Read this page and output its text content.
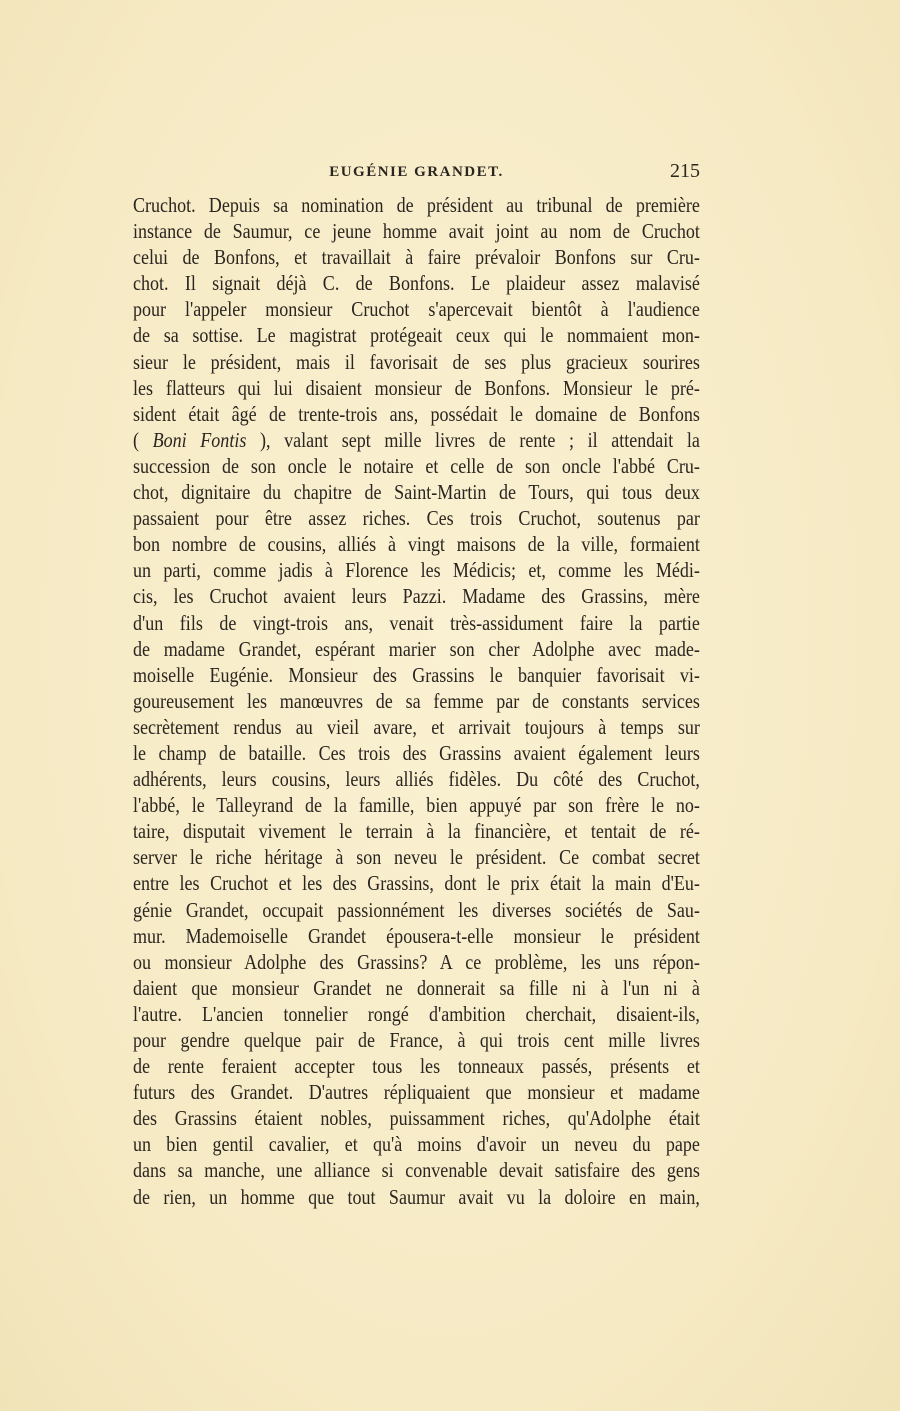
EUGÉNIE GRANDET.	215
Cruchot. Depuis sa nomination de président au tribunal de première
instance de Saumur, ce jeune homme avait joint au nom de Cruchot
celui de Bonfons, et travaillait à faire prévaloir Bonfons sur Cru-
chot. Il signait déjà C. de Bonfons. Le plaideur assez malavisé
pour l'appeler monsieur Cruchot s'apercevait bientôt à l'audience
de sa sottise. Le magistrat protégeait ceux qui le nommaient mon-
sieur le président, mais il favorisait de ses plus gracieux sourires
les flatteurs qui lui disaient monsieur de Bonfons. Monsieur le pré-
sident était âgé de trente-trois ans, possédait le domaine de Bonfons
( Boni Fontis ), valant sept mille livres de rente ; il attendait la
succession de son oncle le notaire et celle de son oncle l'abbé Cru-
chot, dignitaire du chapitre de Saint-Martin de Tours, qui tous deux
passaient pour être assez riches. Ces trois Cruchot, soutenus par
bon nombre de cousins, alliés à vingt maisons de la ville, formaient
un parti, comme jadis à Florence les Médicis; et, comme les Médi-
cis, les Cruchot avaient leurs Pazzi. Madame des Grassins, mère
d'un fils de vingt-trois ans, venait très-assidument faire la partie
de madame Grandet, espérant marier son cher Adolphe avec made-
moiselle Eugénie. Monsieur des Grassins le banquier favorisait vi-
goureusement les manœuvres de sa femme par de constants services
secrètement rendus au vieil avare, et arrivait toujours à temps sur
le champ de bataille. Ces trois des Grassins avaient également leurs
adhérents, leurs cousins, leurs alliés fidèles. Du côté des Cruchot,
l'abbé, le Talleyrand de la famille, bien appuyé par son frère le no-
taire, disputait vivement le terrain à la financière, et tentait de ré-
server le riche héritage à son neveu le président. Ce combat secret
entre les Cruchot et les des Grassins, dont le prix était la main d'Eu-
génie Grandet, occupait passionnément les diverses sociétés de Sau-
mur. Mademoiselle Grandet épousera-t-elle monsieur le président
ou monsieur Adolphe des Grassins? A ce problème, les uns répon-
daient que monsieur Grandet ne donnerait sa fille ni à l'un ni à
l'autre. L'ancien tonnelier rongé d'ambition cherchait, disaient-ils,
pour gendre quelque pair de France, à qui trois cent mille livres
de rente feraient accepter tous les tonneaux passés, présents et
futurs des Grandet. D'autres répliquaient que monsieur et madame
des Grassins étaient nobles, puissamment riches, qu'Adolphe était
un bien gentil cavalier, et qu'à moins d'avoir un neveu du pape
dans sa manche, une alliance si convenable devait satisfaire des gens
de rien, un homme que tout Saumur avait vu la doloire en main,
